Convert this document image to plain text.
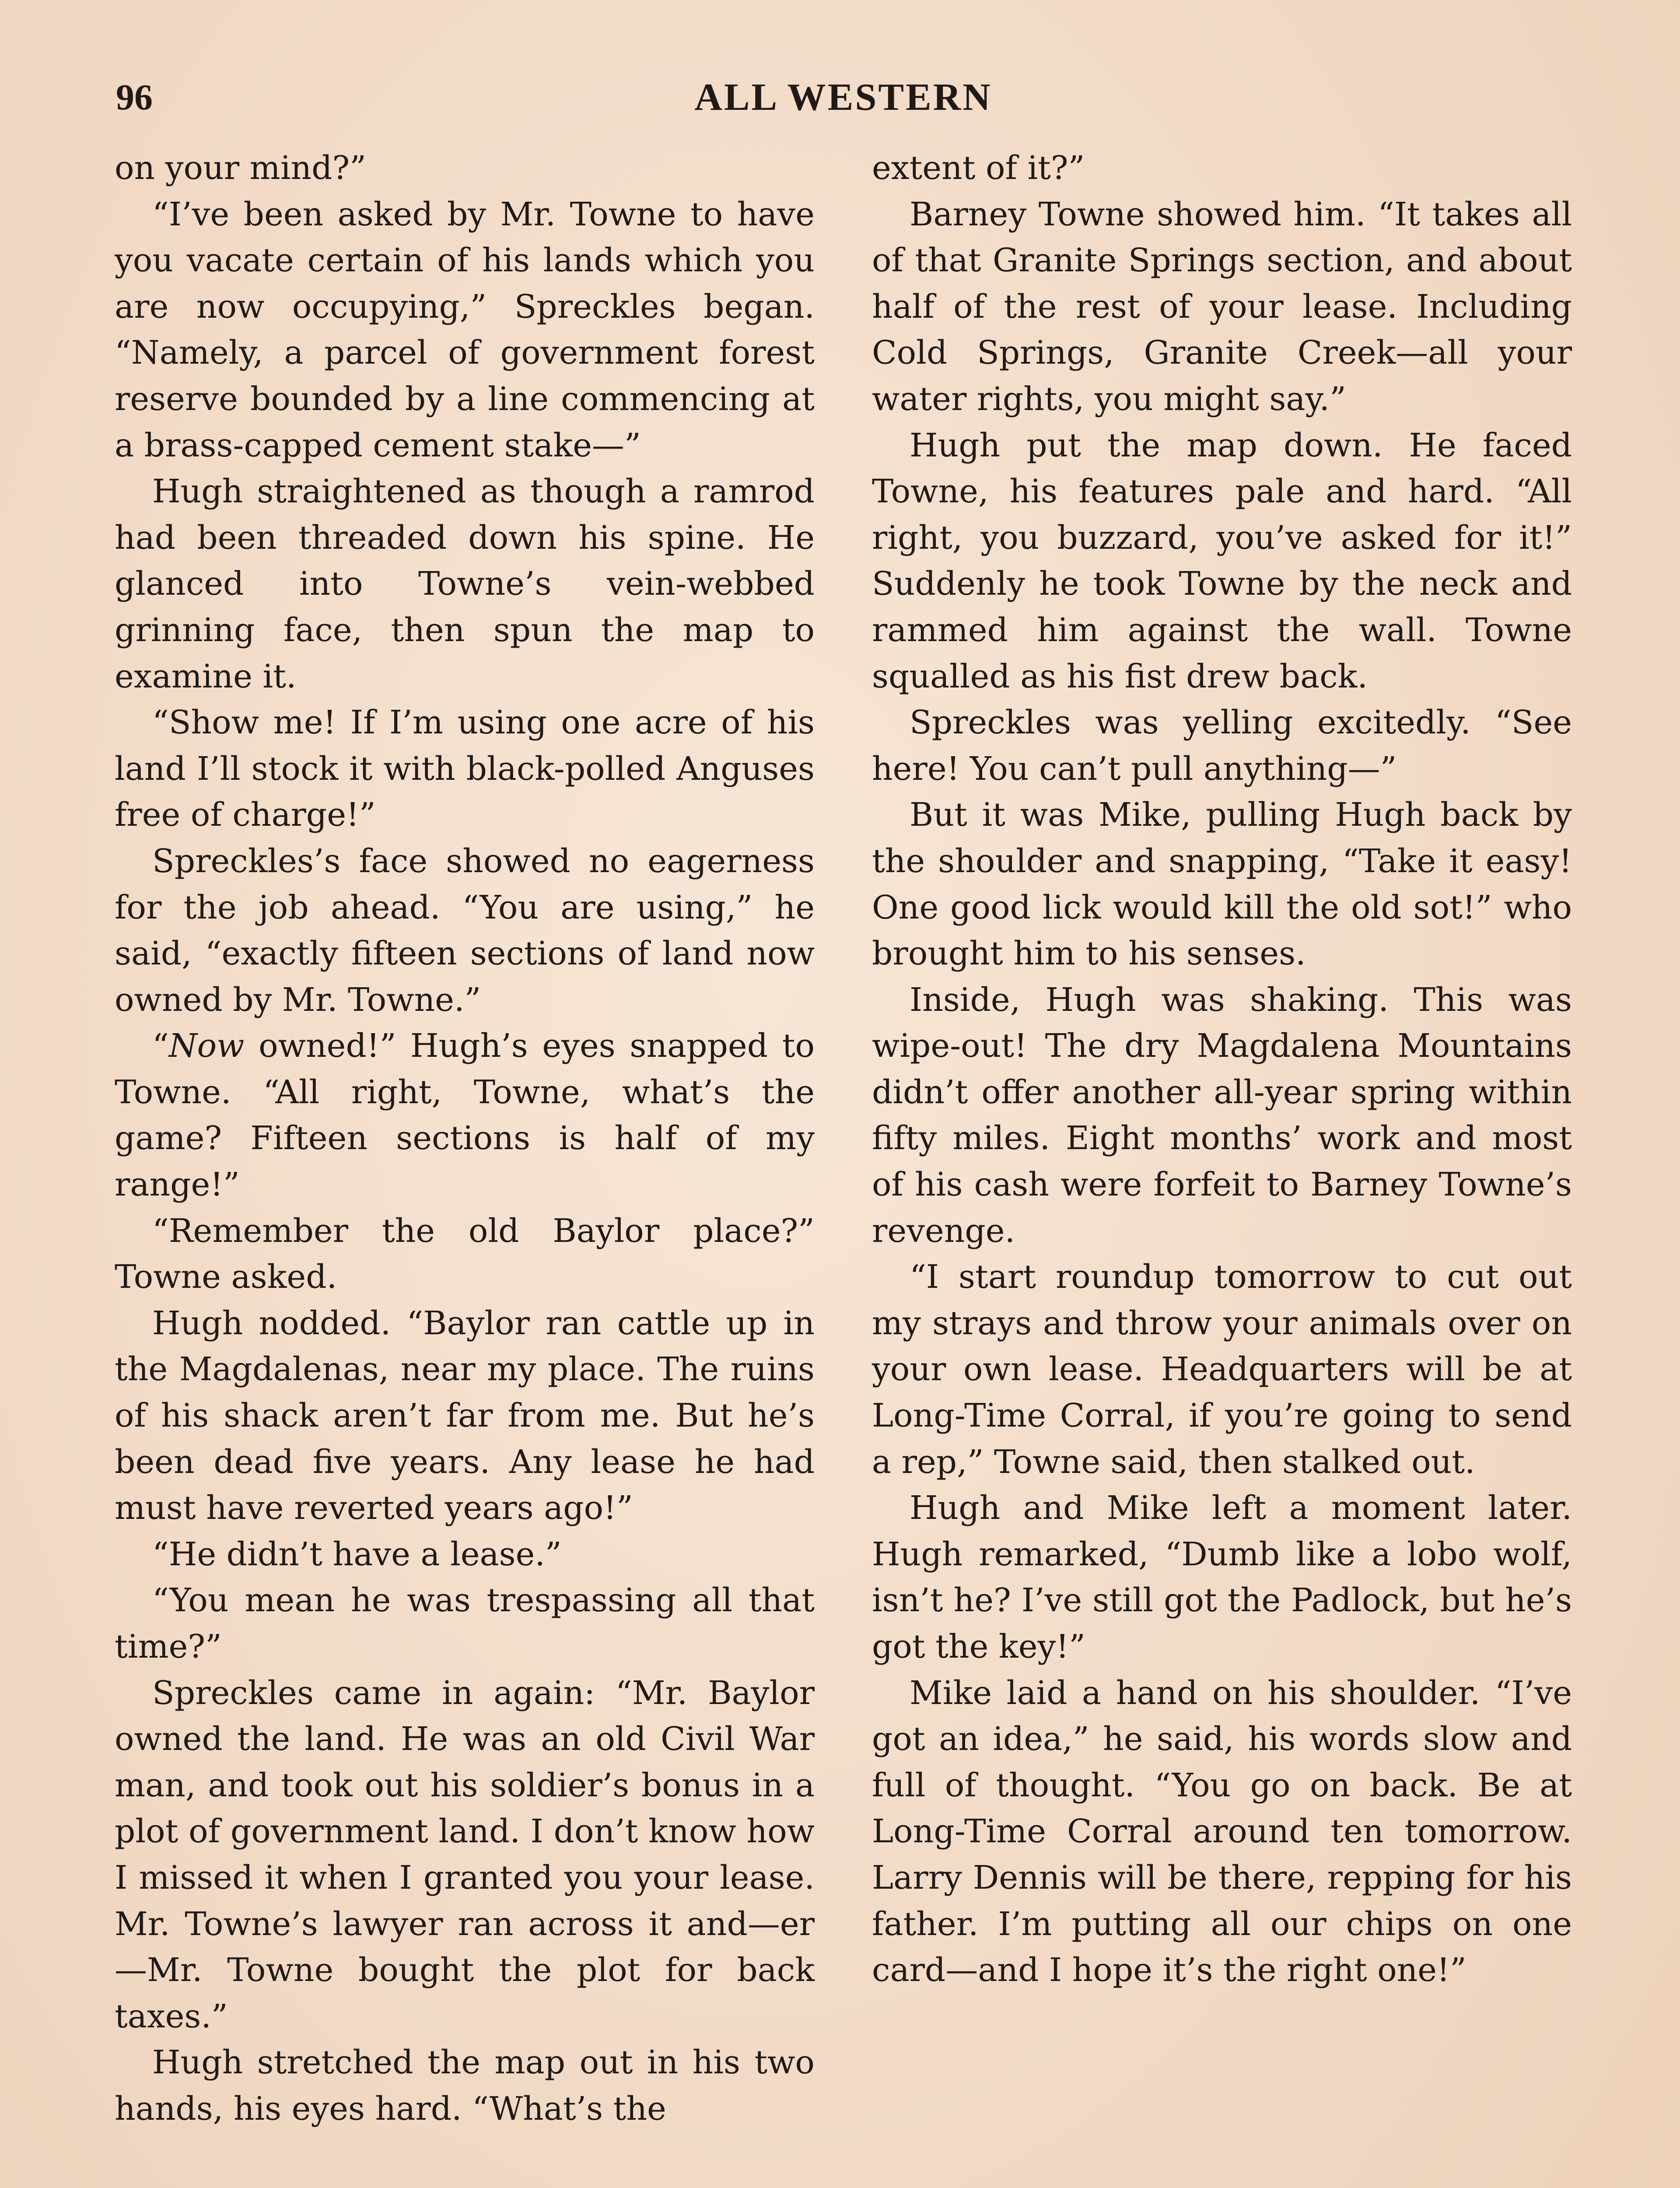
96	ALL WESTERN

on your mind?”

“I’ve been asked by Mr. Towne to have you vacate certain of his lands which you are now occupying,” Spreckles began. “Namely, a parcel of government forest reserve bounded by a line commencing at a brass-capped cement stake—”

Hugh straightened as though a ramrod had been threaded down his spine. He glanced into Towne’s vein-webbed grinning face, then spun the map to examine it.

“Show me! If I’m using one acre of his land I’ll stock it with black-polled Anguses free of charge!”

Spreckles’s face showed no eagerness for the job ahead. “You are using,” he said, “exactly fifteen sections of land now owned by Mr. Towne.”

“Now owned!” Hugh’s eyes snapped to Towne. “All right, Towne, what’s the game? Fifteen sections is half of my range!”

“Remember the old Baylor place?” Towne asked.

Hugh nodded. “Baylor ran cattle up in the Magdalenas, near my place. The ruins of his shack aren’t far from me. But he’s been dead five years. Any lease he had must have reverted years ago!”

“He didn’t have a lease.”

“You mean he was trespassing all that time?”

Spreckles came in again: “Mr. Baylor owned the land. He was an old Civil War man, and took out his soldier’s bonus in a plot of government land. I don’t know how I missed it when I granted you your lease. Mr. Towne’s lawyer ran across it and—er—Mr. Towne bought the plot for back taxes.”

Hugh stretched the map out in his two hands, his eyes hard. “What’s the

extent of it?”

Barney Towne showed him. “It takes all of that Granite Springs section, and about half of the rest of your lease. Including Cold Springs, Granite Creek—all your water rights, you might say.”

Hugh put the map down. He faced Towne, his features pale and hard. “All right, you buzzard, you’ve asked for it!” Suddenly he took Towne by the neck and rammed him against the wall. Towne squalled as his fist drew back.

Spreckles was yelling excitedly. “See here! You can’t pull anything—”

But it was Mike, pulling Hugh back by the shoulder and snapping, “Take it easy! One good lick would kill the old sot!” who brought him to his senses.

Inside, Hugh was shaking. This was wipe-out! The dry Magdalena Mountains didn’t offer another all-year spring within fifty miles. Eight months’ work and most of his cash were forfeit to Barney Towne’s revenge.

“I start roundup tomorrow to cut out my strays and throw your animals over on your own lease. Headquarters will be at Long-Time Corral, if you’re going to send a rep,” Towne said, then stalked out.

Hugh and Mike left a moment later. Hugh remarked, “Dumb like a lobo wolf, isn’t he? I’ve still got the Padlock, but he’s got the key!”

Mike laid a hand on his shoulder. “I’ve got an idea,” he said, his words slow and full of thought. “You go on back. Be at Long-Time Corral around ten tomorrow. Larry Dennis will be there, repping for his father. I’m putting all our chips on one card—and I hope it’s the right one!”
